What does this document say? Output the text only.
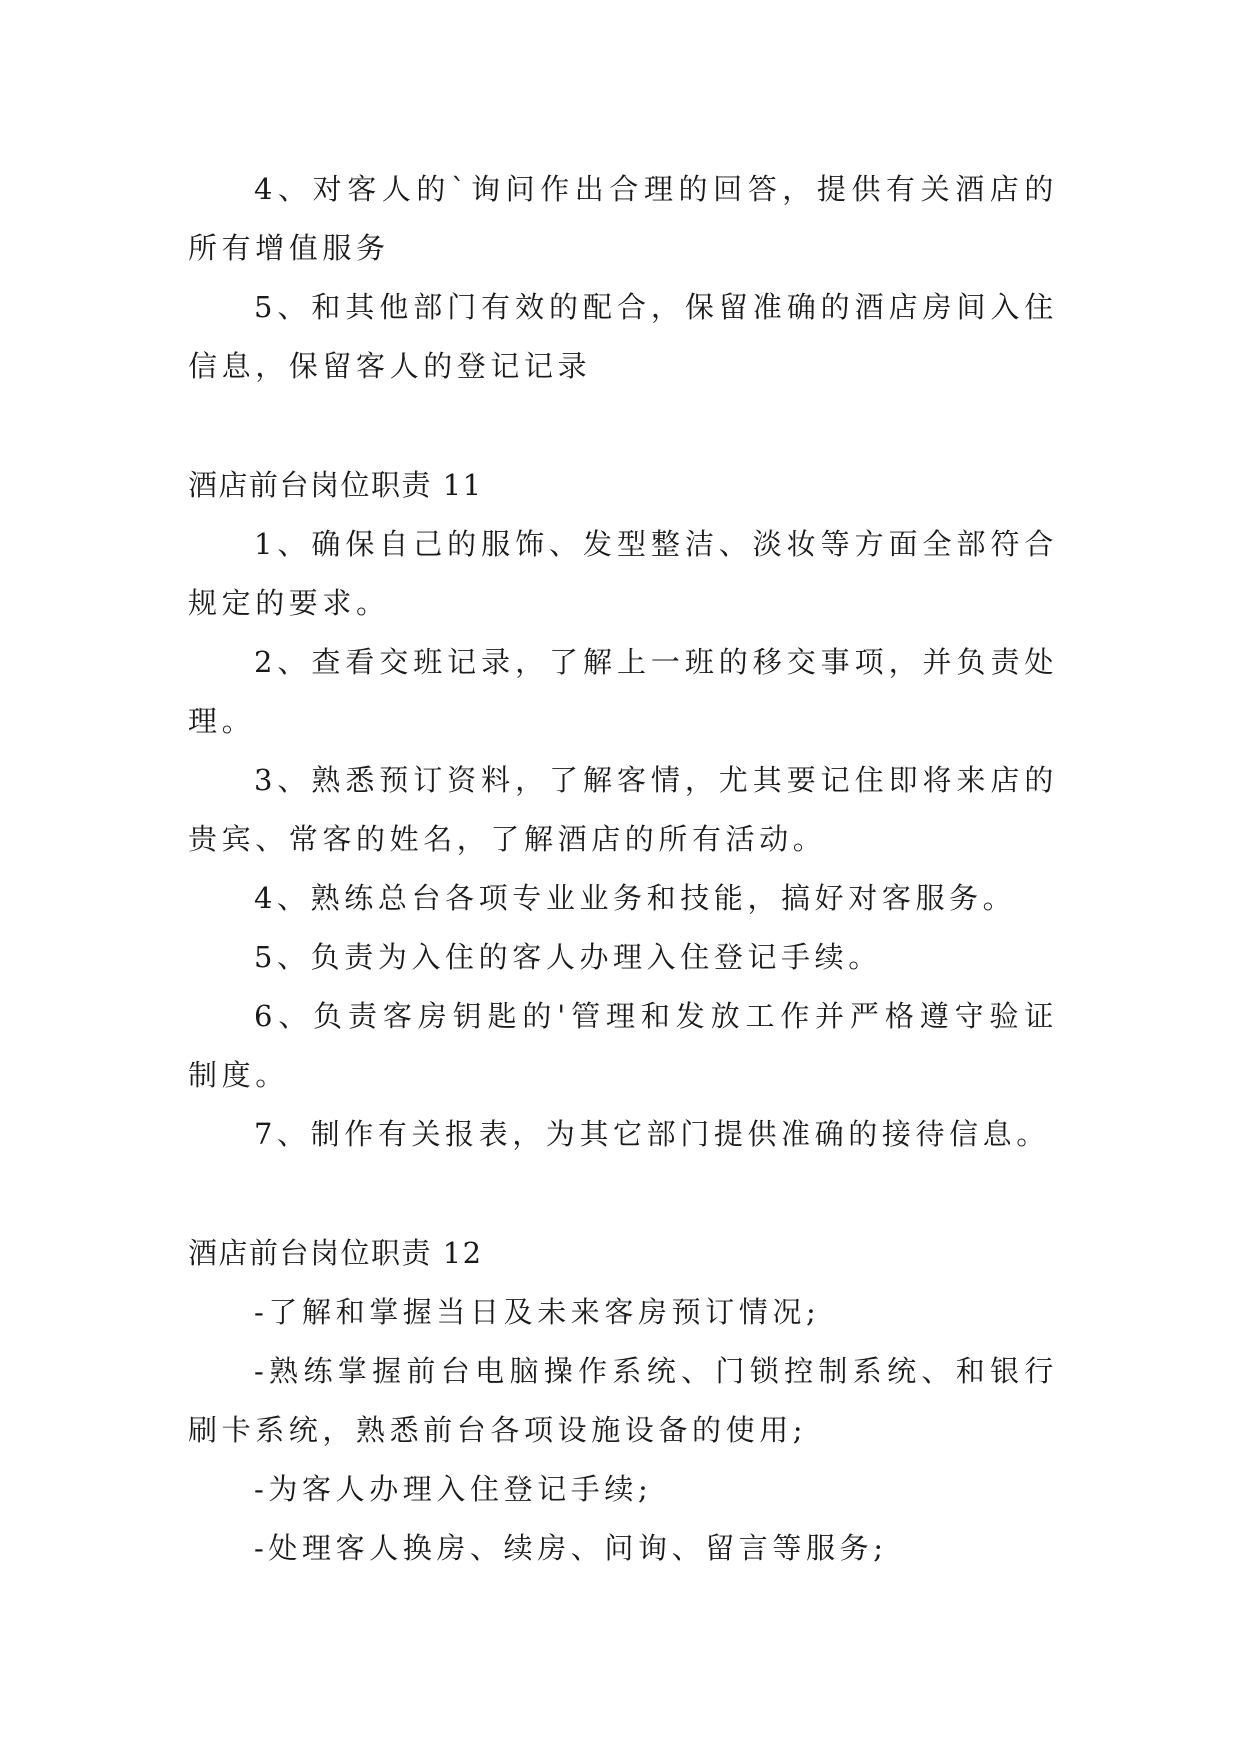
4、对客人的`询问作出合理的回答，提供有关酒店的所有增值服务

5、和其他部门有效的配合，保留准确的酒店房间入住信息，保留客人的登记记录

酒店前台岗位职责 11

1、确保自己的服饰、发型整洁、淡妆等方面全部符合规定的要求。

2、查看交班记录，了解上一班的移交事项，并负责处理。

3、熟悉预订资料，了解客情，尤其要记住即将来店的贵宾、常客的姓名，了解酒店的所有活动。

4、熟练总台各项专业业务和技能，搞好对客服务。

5、负责为入住的客人办理入住登记手续。

6、负责客房钥匙的'管理和发放工作并严格遵守验证制度。

7、制作有关报表，为其它部门提供准确的接待信息。

酒店前台岗位职责 12

-了解和掌握当日及未来客房预订情况;

-熟练掌握前台电脑操作系统、门锁控制系统、和银行刷卡系统，熟悉前台各项设施设备的使用;

-为客人办理入住登记手续;

-处理客人换房、续房、问询、留言等服务;
